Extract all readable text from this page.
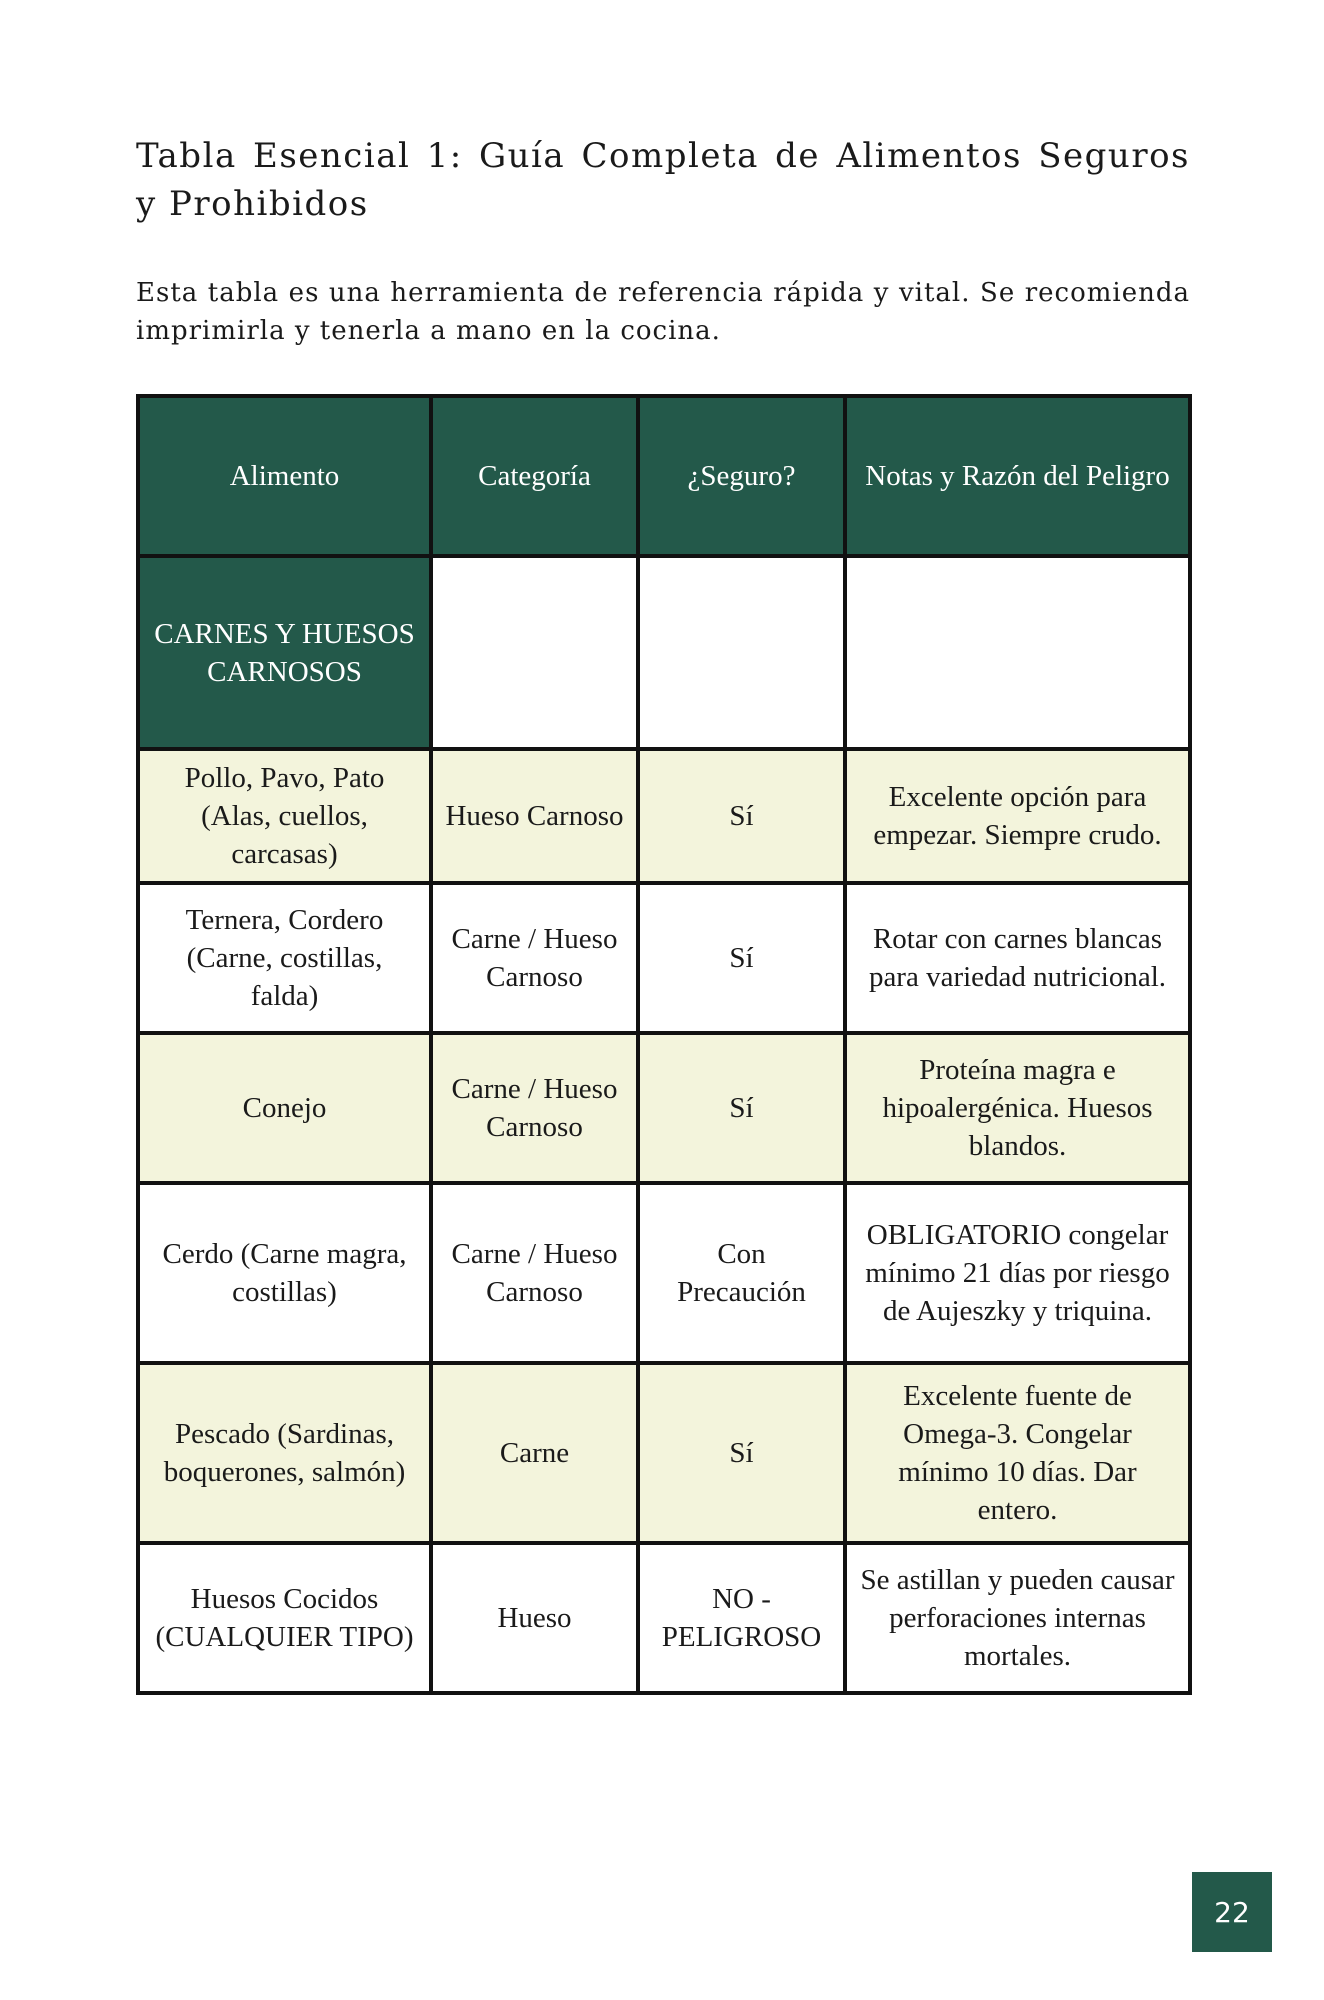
Tabla Esencial 1: Guía Completa de Alimentos Seguros y Prohibidos

Esta tabla es una herramienta de referencia rápida y vital. Se recomienda imprimirla y tenerla a mano en la cocina.

Alimento	Categoría	¿Seguro?	Notas y Razón del Peligro
CARNES Y HUESOS CARNOSOS			
Pollo, Pavo, Pato (Alas, cuellos, carcasas)	Hueso Carnoso	Sí	Excelente opción para empezar. Siempre crudo.
Ternera, Cordero (Carne, costillas, falda)	Carne / Hueso Carnoso	Sí	Rotar con carnes blancas para variedad nutricional.
Conejo	Carne / Hueso Carnoso	Sí	Proteína magra e hipoalergénica. Huesos blandos.
Cerdo (Carne magra, costillas)	Carne / Hueso Carnoso	Con Precaución	OBLIGATORIO congelar mínimo 21 días por riesgo de Aujeszky y triquina.
Pescado (Sardinas, boquerones, salmón)	Carne	Sí	Excelente fuente de Omega-3. Congelar mínimo 10 días. Dar entero.
Huesos Cocidos (CUALQUIER TIPO)	Hueso	NO - PELIGROSO	Se astillan y pueden causar perforaciones internas mortales.
22
